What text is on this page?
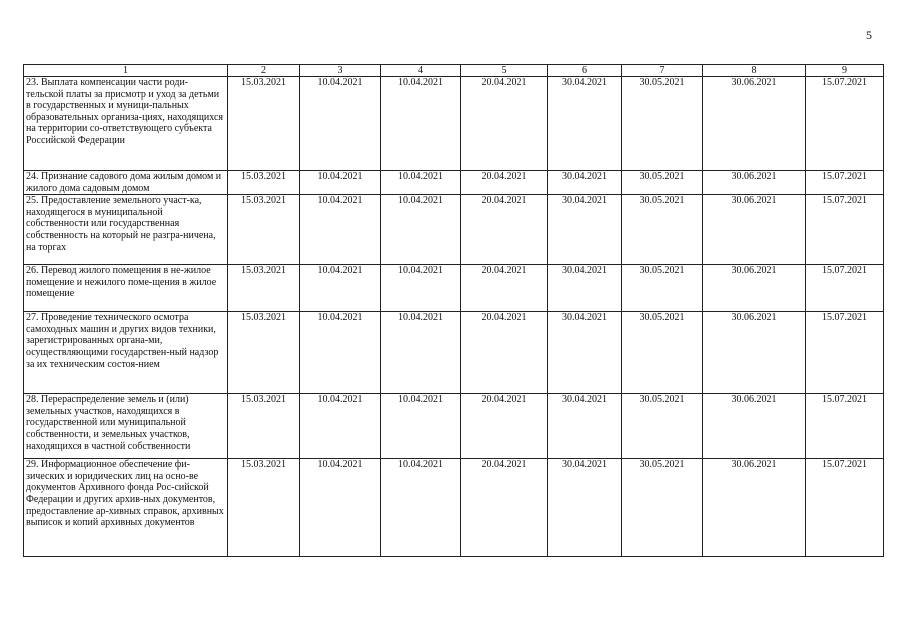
5
1	2	3	4	5	6	7	8	9
23. Выплата компенсации части роди-тельской платы за присмотр и уход за детьми в государственных и муници-пальных образовательных организа-циях, находящихся на территории со-ответствующего субъекта Российской Федерации	15.03.2021	10.04.2021	10.04.2021	20.04.2021	30.04.2021	30.05.2021	30.06.2021	15.07.2021
24. Признание садового дома жилым домом и жилого дома садовым домом	15.03.2021	10.04.2021	10.04.2021	20.04.2021	30.04.2021	30.05.2021	30.06.2021	15.07.2021
25. Предоставление земельного участ-ка, находящегося в муниципальной собственности или государственная собственность на который не разгра-ничена, на торгах	15.03.2021	10.04.2021	10.04.2021	20.04.2021	30.04.2021	30.05.2021	30.06.2021	15.07.2021
26. Перевод жилого помещения в не-жилое помещение и нежилого поме-щения в жилое помещение	15.03.2021	10.04.2021	10.04.2021	20.04.2021	30.04.2021	30.05.2021	30.06.2021	15.07.2021
27. Проведение технического осмотра самоходных машин и других видов техники, зарегистрированных органа-ми, осуществляющими государствен-ный надзор за их техническим состоя-нием	15.03.2021	10.04.2021	10.04.2021	20.04.2021	30.04.2021	30.05.2021	30.06.2021	15.07.2021
28. Перераспределение земель и (или) земельных участков, находящихся в государственной или муниципальной собственности, и земельных участков, находящихся в частной собственности	15.03.2021	10.04.2021	10.04.2021	20.04.2021	30.04.2021	30.05.2021	30.06.2021	15.07.2021
29. Информационное обеспечение фи-зических и юридических лиц на осно-ве документов Архивного фонда Рос-сийской Федерации и других архив-ных документов, предоставление ар-хивных справок, архивных выписок и копий архивных документов	15.03.2021	10.04.2021	10.04.2021	20.04.2021	30.04.2021	30.05.2021	30.06.2021	15.07.2021
